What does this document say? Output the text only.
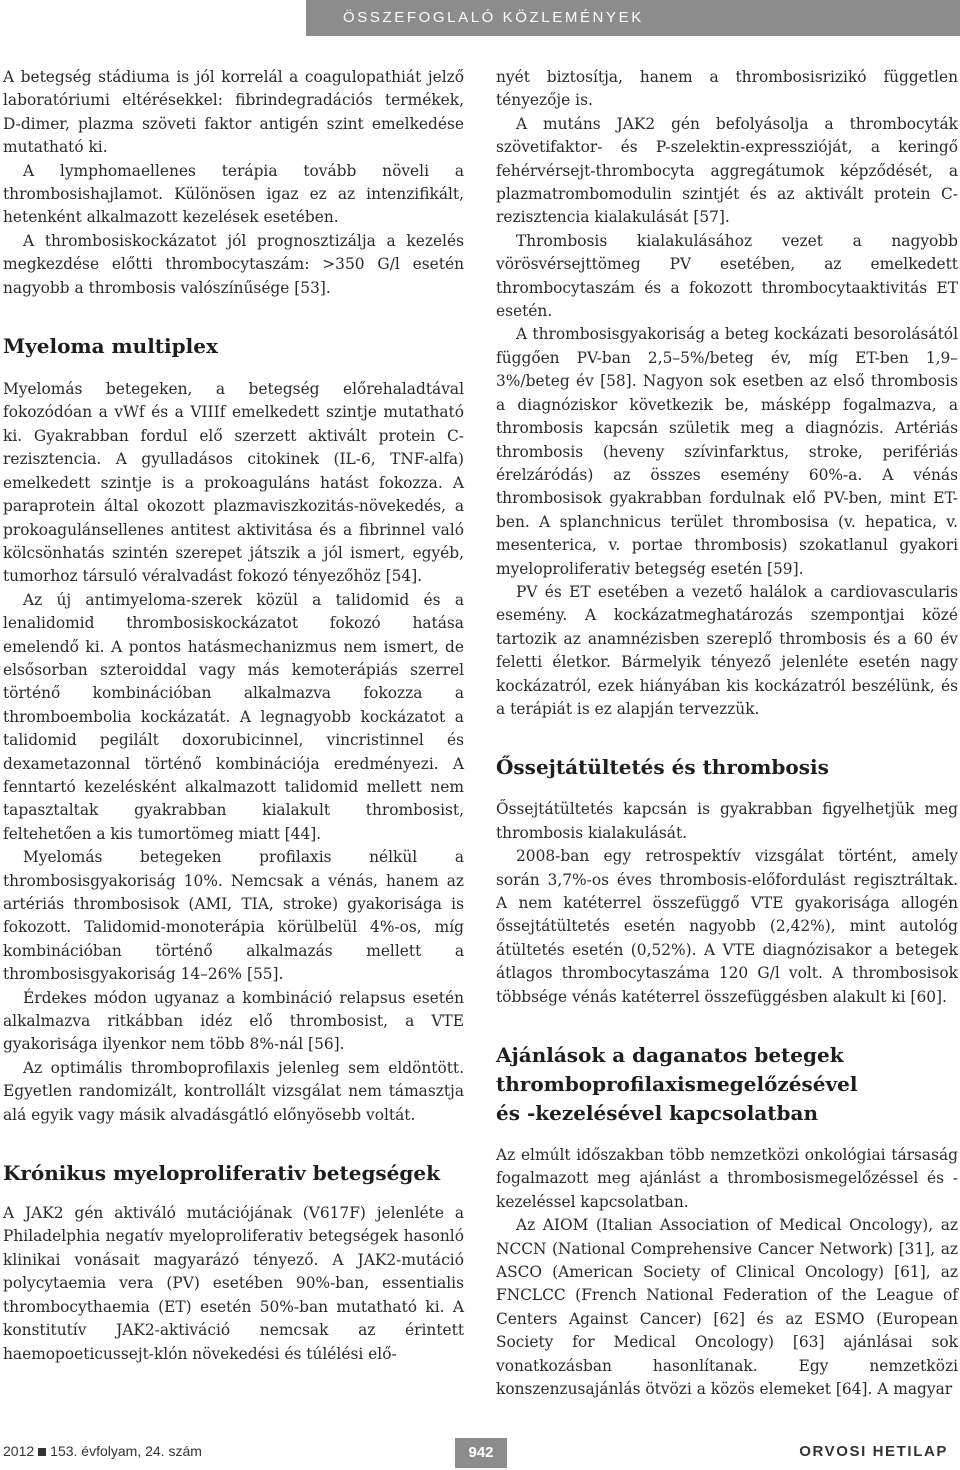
ÖSSZEFOGLALÓ KÖZLEMÉNYEK

A betegség stádiuma is jól korrelál a coagulopathiát jelző laboratóriumi eltérésekkel: fibrindegradációs termékek, D-dimer, plazma szöveti faktor antigén szint emelkedése mutatható ki.

A lymphomaellenes terápia tovább növeli a thrombosishajlamot. Különösen igaz ez az intenzifikált, hetenként alkalmazott kezelések esetében.

A thrombosiskockázatot jól prognosztizálja a kezelés megkezdése előtti thrombocytaszám: >350 G/l esetén nagyobb a thrombosis valószínűsége [53].

Myeloma multiplex

Myelomás betegeken, a betegség előrehaladtával fokozódóan a vWf és a VIIIf emelkedett szintje mutatható ki. Gyakrabban fordul elő szerzett aktivált protein C-rezisztencia. A gyulladásos citokinek (IL-6, TNF-alfa) emelkedett szintje is a prokoaguláns hatást fokozza. A paraprotein által okozott plazmaviszkozitás-növekedés, a prokoagulánsellenes antitest aktivitása és a fibrinnel való kölcsönhatás szintén szerepet játszik a jól ismert, egyéb, tumorhoz társuló véralvadást fokozó tényezőhöz [54].

Az új antimyeloma-szerek közül a talidomid és a lenalidomid thrombosiskockázatot fokozó hatása emelendő ki. A pontos hatásmechanizmus nem ismert, de elsősorban szteroiddal vagy más kemoterápiás szerrel történő kombinációban alkalmazva fokozza a thromboembolia kockázatát. A legnagyobb kockázatot a talidomid pegilált doxorubicinnel, vincristinnel és dexametazonnal történő kombinációja eredményezi. A fenntartó kezelésként alkalmazott talidomid mellett nem tapasztaltak gyakrabban kialakult thrombosist, feltehetően a kis tumortömeg miatt [44].

Myelomás betegeken profilaxis nélkül a thrombosisgyakoriság 10%. Nemcsak a vénás, hanem az artériás thrombosisok (AMI, TIA, stroke) gyakorisága is fokozott. Talidomid-monoterápia körülbelül 4%-os, míg kombinációban történő alkalmazás mellett a thrombosisgyakoriság 14–26% [55].

Érdekes módon ugyanaz a kombináció relapsus esetén alkalmazva ritkábban idéz elő thrombosist, a VTE gyakorisága ilyenkor nem több 8%-nál [56].

Az optimális thromboprofilaxis jelenleg sem eldöntött. Egyetlen randomizált, kontrollált vizsgálat nem támasztja alá egyik vagy másik alvadásgátló előnyösebb voltát.

Krónikus myeloproliferativ betegségek

A JAK2 gén aktiváló mutációjának (V617F) jelenléte a Philadelphia negatív myeloproliferativ betegségek hasonló klinikai vonásait magyarázó tényező. A JAK2-mutáció polycytaemia vera (PV) esetében 90%-ban, essentialis thrombocythaemia (ET) esetén 50%-ban mutatható ki. A konstitutív JAK2-aktiváció nemcsak az érintett haemopoeticussejt-klón növekedési és túlélési elő-

nyét biztosítja, hanem a thrombosisrizikó független tényezője is.

A mutáns JAK2 gén befolyásolja a thrombocyták szövetifaktor- és P-szelektin-expresszióját, a keringő fehérvérsejt-thrombocyta aggregátumok képződését, a plazmatrombomodulin szintjét és az aktivált protein C-rezisztencia kialakulását [57].

Thrombosis kialakulásához vezet a nagyobb vörösvérsejttömeg PV esetében, az emelkedett thrombocytaszám és a fokozott thrombocytaaktivitás ET esetén.

A thrombosisgyakoriság a beteg kockázati besorolásától függően PV-ban 2,5–5%/beteg év, míg ET-ben 1,9–3%/beteg év [58]. Nagyon sok esetben az első thrombosis a diagnóziskor következik be, másképp fogalmazva, a thrombosis kapcsán születik meg a diagnózis. Artériás thrombosis (heveny szívinfarktus, stroke, perifériás érelzáródás) az összes esemény 60%-a. A vénás thrombosisok gyakrabban fordulnak elő PV-ben, mint ET-ben. A splanchnicus terület thrombosisa (v. hepatica, v. mesenterica, v. portae thrombosis) szokatlanul gyakori myeloproliferativ betegség esetén [59].

PV és ET esetében a vezető halálok a cardiovascularis esemény. A kockázatmeghatározás szempontjai közé tartozik az anamnézisben szereplő thrombosis és a 60 év feletti életkor. Bármelyik tényező jelenléte esetén nagy kockázatról, ezek hiányában kis kockázatról beszélünk, és a terápiát is ez alapján tervezzük.

Őssejtátültetés és thrombosis

Őssejtátültetés kapcsán is gyakrabban figyelhetjük meg thrombosis kialakulását.

2008-ban egy retrospektív vizsgálat történt, amely során 3,7%-os éves thrombosis-előfordulást regisztráltak. A nem katéterrel összefüggő VTE gyakorisága allogén őssejtátültetés esetén nagyobb (2,42%), mint autológ átültetés esetén (0,52%). A VTE diagnózisakor a betegek átlagos thrombocytaszáma 120 G/l volt. A thrombosisok többsége vénás katéterrel összefüggésben alakult ki [60].

Ajánlások a daganatos betegek
thromboprofilaxismegelőzésével
és -kezelésével kapcsolatban

Az elmúlt időszakban több nemzetközi onkológiai társaság fogalmazott meg ajánlást a thrombosismegelőzéssel és -kezeléssel kapcsolatban.

Az AIOM (Italian Association of Medical Oncology), az NCCN (National Comprehensive Cancer Network) [31], az ASCO (American Society of Clinical Oncology) [61], az FNCLCC (French National Federation of the League of Centers Against Cancer) [62] és az ESMO (European Society for Medical Oncology) [63] ajánlásai sok vonatkozásban hasonlítanak. Egy nemzetközi konszenzusajánlás ötvözi a közös elemeket [64]. A magyar

2012 153. évfolyam, 24. szám	942	ORVOSI HETILAP
